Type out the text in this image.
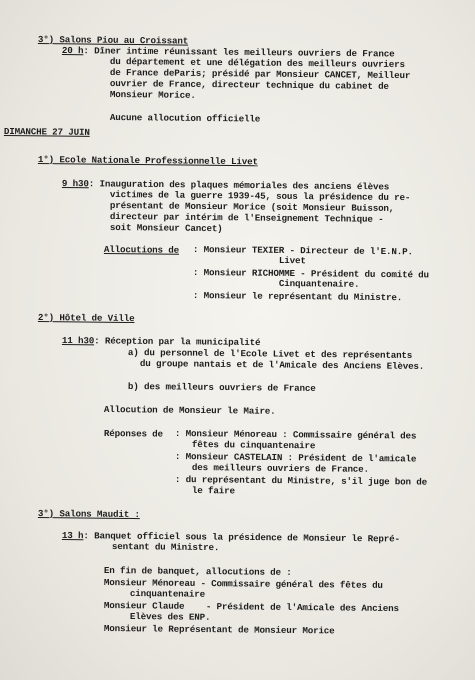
3°) Salons Piou au Croissant
20 h: Dîner intime réunissant les meilleurs ouvriers de France
du département et une délégation des meilleurs ouvriers
de France deParis; présidé par Monsieur CANCET, Meilleur
ouvrier de France, directeur technique du cabinet de
Monsieur Morice.
Aucune allocution officielle
DIMANCHE 27 JUIN
1°) Ecole Nationale Professionnelle Livet
9 h30: Inauguration des plaques mémoriales des anciens élèves
victimes de la guerre 1939-45, sous la présidence du re-
présentant de Monsieur Morice (soit Monsieur Buisson,
directeur par intérim de l'Enseignement Technique -
soit Monsieur Cancet)
Allocutions de : Monsieur TEXIER - Directeur de l'E.N.P.
Livet
: Monsieur RICHOMME - Président du comité du
Cinquantenaire.
: Monsieur le représentant du Ministre.
2°) Hôtel de Ville
11 h30: Réception par la municipalité
a) du personnel de l'Ecole Livet et des représentants
du groupe nantais et de l'Amicale des Anciens Elèves.
b) des meilleurs ouvriers de France
Allocution de Monsieur le Maire.
Réponses de : Monsieur Ménoreau : Commissaire général des
fêtes du cinquantenaire
: Monsieur CASTELAIN : Président de l'amicale
des meilleurs ouvriers de France.
: du représentant du Ministre, s'il juge bon de
le faire
3°) Salons Maudit :
13 h: Banquet officiel sous la présidence de Monsieur le Repré-
sentant du Ministre.
En fin de banquet, allocutions de :
Monsieur Ménoreau - Commissaire général des fêtes du
cinquantenaire
Monsieur Claude    - Président de l'Amicale des Anciens
Elèves des ENP.
Monsieur le Représentant de Monsieur Morice
